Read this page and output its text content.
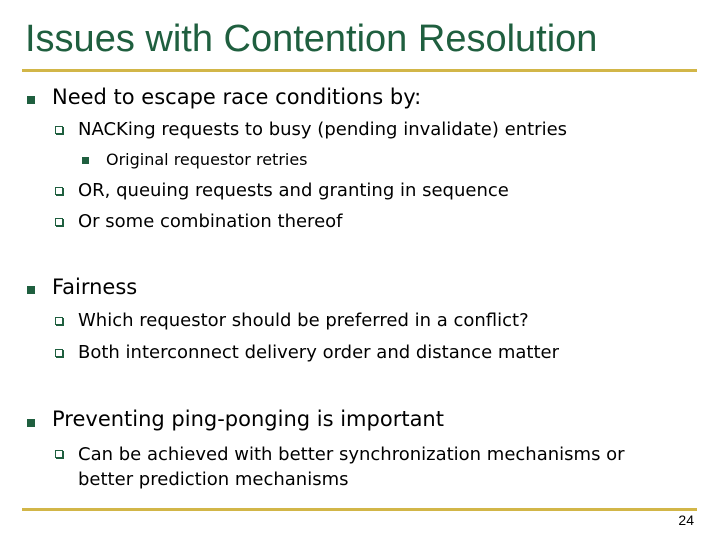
Issues with Contention Resolution
Need to escape race conditions by:
NACKing requests to busy (pending invalidate) entries
Original requestor retries
OR, queuing requests and granting in sequence
Or some combination thereof
Fairness
Which requestor should be preferred in a conflict?
Both interconnect delivery order and distance matter
Preventing ping-ponging is important
Can be achieved with better synchronization mechanisms or better prediction mechanisms
24
